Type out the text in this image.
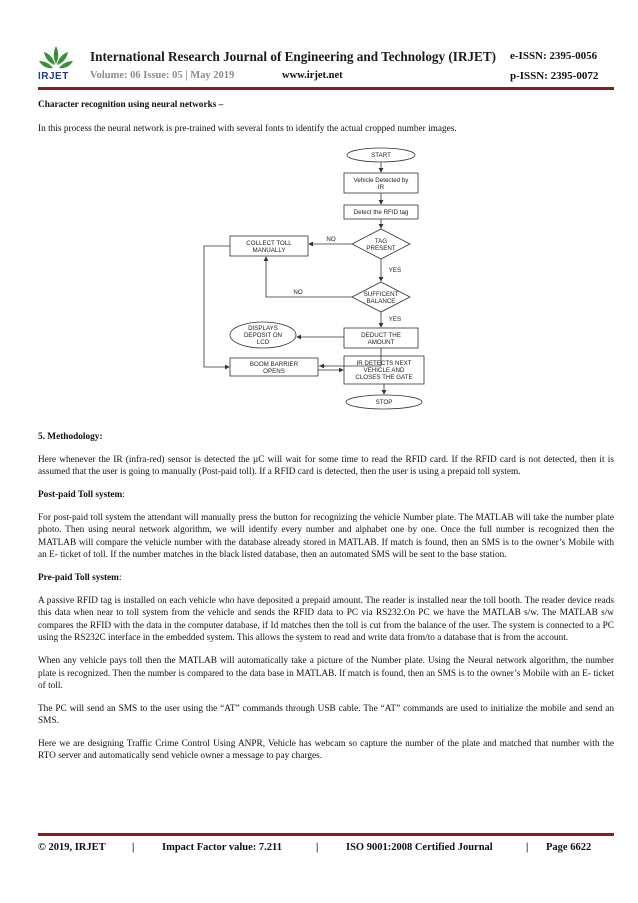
IRJET
International Research Journal of Engineering and Technology (IRJET) e-ISSN: 2395-0056
Volume: 06 Issue: 05 | May 2019	www.irjet.net	p-ISSN: 2395-0072

Character recognition using neural networks –

In this process the neural network is pre-trained with several fonts to identify the actual cropped number images.

5. Methodology:

Here whenever the IR (infra-red) sensor is detected the µC will wait for some time to read the RFID card. If the RFID card is not detected, then it is assumed that the user is going to manually (Post-paid toll). If a RFID card is detected, then the user is using a prepaid toll system.

Post-paid Toll system:

For post-paid toll system the attendant will manually press the button for recognizing the vehicle Number plate. The MATLAB will take the number plate photo. Then using neural network algorithm, we will identify every number and alphabet one by one. Once the full number is recognized then the MATLAB will compare the vehicle number with the database already stored in MATLAB. If match is found, then an SMS is to the owner’s Mobile with an E- ticket of toll. If the number matches in the black listed database, then an automated SMS will be sent to the base station.

Pre-paid Toll system:

A passive RFID tag is installed on each vehicle who have deposited a prepaid amount. The reader is installed near the toll booth. The reader device reads this data when near to toll system from the vehicle and sends the RFID data to PC via RS232.On PC we have the MATLAB s/w. The MATLAB s/w compares the RFID with the data in the computer database, if Id matches then the toll is cut from the balance of the user. The system is connected to a PC using the RS232C interface in the embedded system. This allows the system to read and write data from/to a database that is from the account.

When any vehicle pays toll then the MATLAB will automatically take a picture of the Number plate. Using the Neural network algorithm, the number plate is recognized. Then the number is compared to the data base in MATLAB. If match is found, then an SMS is to the owner’s Mobile with an E- ticket of toll.

The PC will send an SMS to the user using the “AT” commands through USB cable. The “AT” commands are used to initialize the mobile and send an SMS.

Here we are designing Traffic Crime Control Using ANPR, Vehicle has webcam so capture the number of the plate and matched that number with the RTO server and automatically send vehicle owner a message to pay charges.

START
Vehicle Detected by
IR
Detect the RFID tag
TAG
PRESENT
COLLECT TOLL
MANUALLY
NO
YES
SUFFICENT
BALANCE
NO
YES
DEDUCT THE
AMOUNT
DISPLAYS
DEPOSIT ON
LCD
BOOM BARRIER
OPENS
IR DETECTS NEXT
VEHICLE AND
CLOSES THE GATE
STOP
© 2019, IRJET	|	Impact Factor value: 7.211	|	ISO 9001:2008 Certified Journal	| Page 6622
